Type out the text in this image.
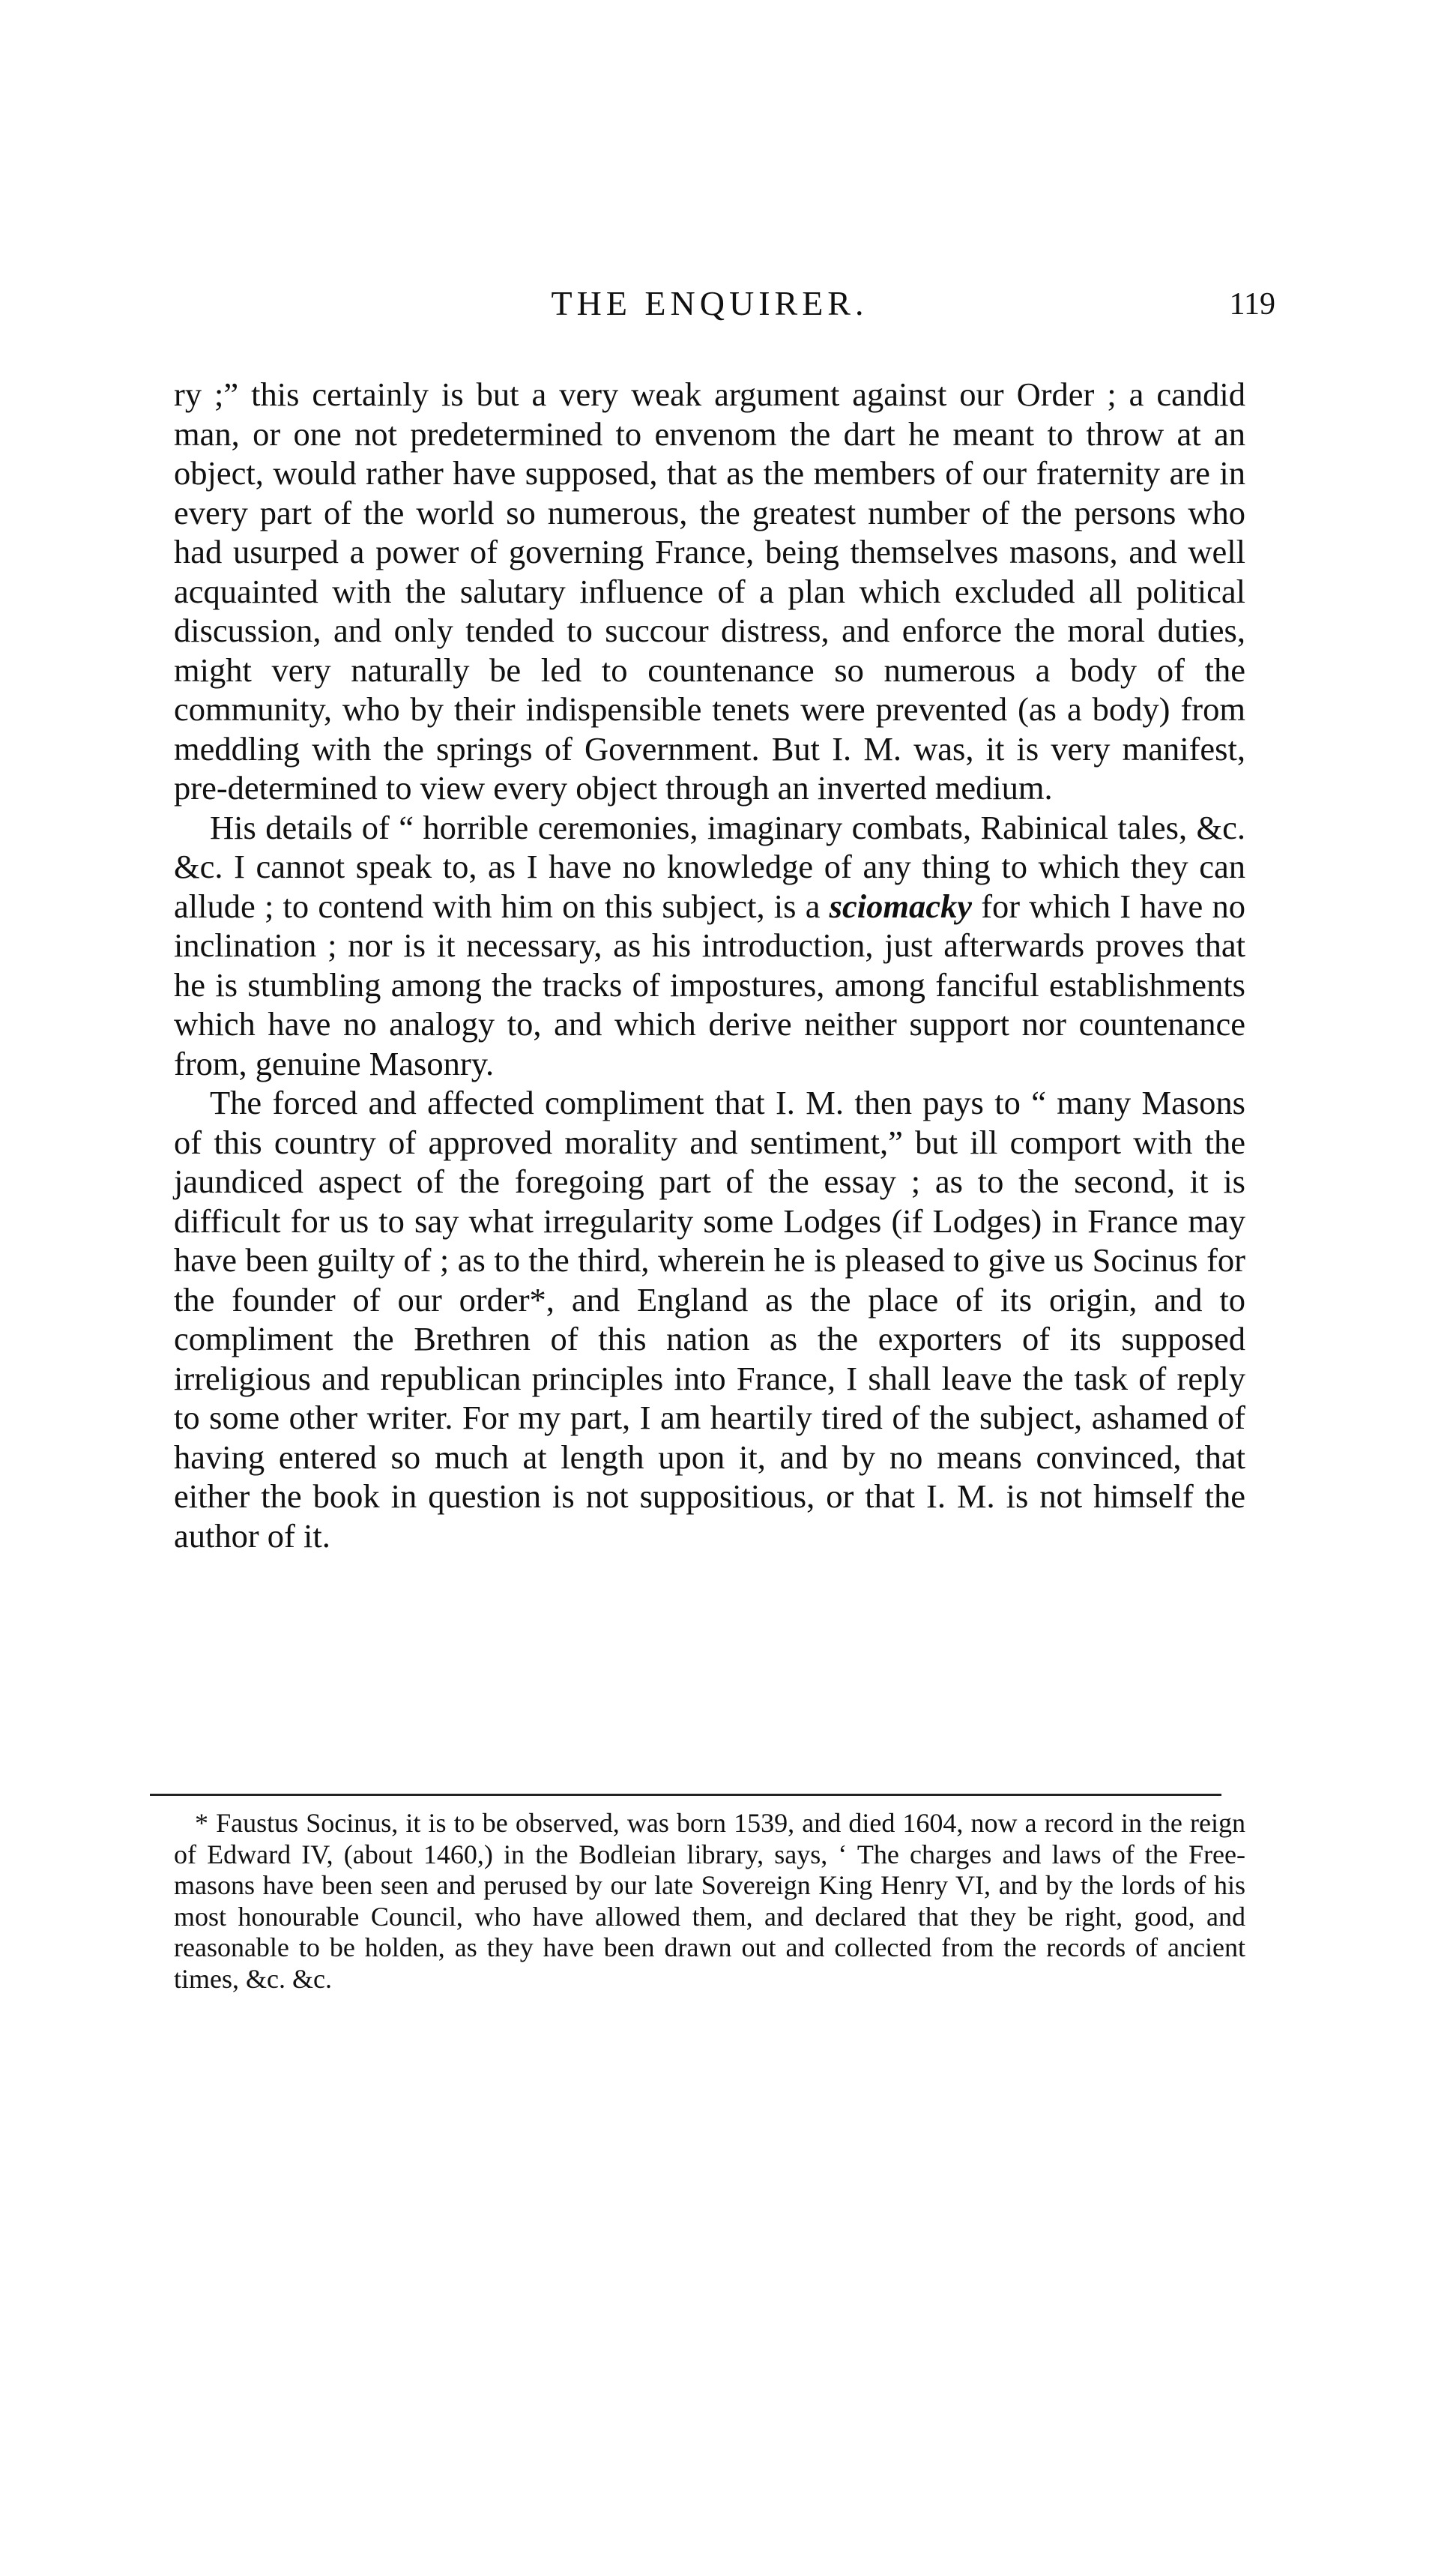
THE ENQUIRER.	119

ry ;” this certainly is but a very weak argument against our Order ; a candid man, or one not predetermined to envenom the dart he meant to throw at an object, would rather have supposed, that as the members of our fraternity are in every part of the world so numerous, the greatest number of the persons who had usurped a power of governing France, being themselves masons, and well acquainted with the salutary influence of a plan which excluded all political discussion, and only tended to succour distress, and enforce the moral duties, might very naturally be led to countenance so numerous a body of the community, who by their indispensible tenets were prevented (as a body) from meddling with the springs of Government. But I. M. was, it is very manifest, pre-determined to view every object through an inverted medium.

His details of “ horrible ceremonies, imaginary combats, Rabinical tales, &c. &c. I cannot speak to, as I have no knowledge of any thing to which they can allude ; to contend with him on this subject, is a sciomacky for which I have no inclination ; nor is it necessary, as his introduction, just afterwards proves that he is stumbling among the tracks of impostures, among fanciful establishments which have no analogy to, and which derive neither support nor countenance from, genuine Masonry.

The forced and affected compliment that I. M. then pays to “ many Masons of this country of approved morality and sentiment,” but ill comport with the jaundiced aspect of the foregoing part of the essay ; as to the second, it is difficult for us to say what irregularity some Lodges (if Lodges) in France may have been guilty of ; as to the third, wherein he is pleased to give us Socinus for the founder of our order*, and England as the place of its origin, and to compliment the Brethren of this nation as the exporters of its supposed irreligious and republican principles into France, I shall leave the task of reply to some other writer. For my part, I am heartily tired of the subject, ashamed of having entered so much at length upon it, and by no means convinced, that either the book in question is not suppositious, or that I. M. is not himself the author of it.

* Faustus Socinus, it is to be observed, was born 1539, and died 1604, now a record in the reign of Edward IV, (about 1460,) in the Bodleian library, says, ‘ The charges and laws of the Free-masons have been seen and perused by our late Sovereign King Henry VI, and by the lords of his most honourable Council, who have allowed them, and declared that they be right, good, and reasonable to be holden, as they have been drawn out and collected from the records of ancient times, &c. &c.
